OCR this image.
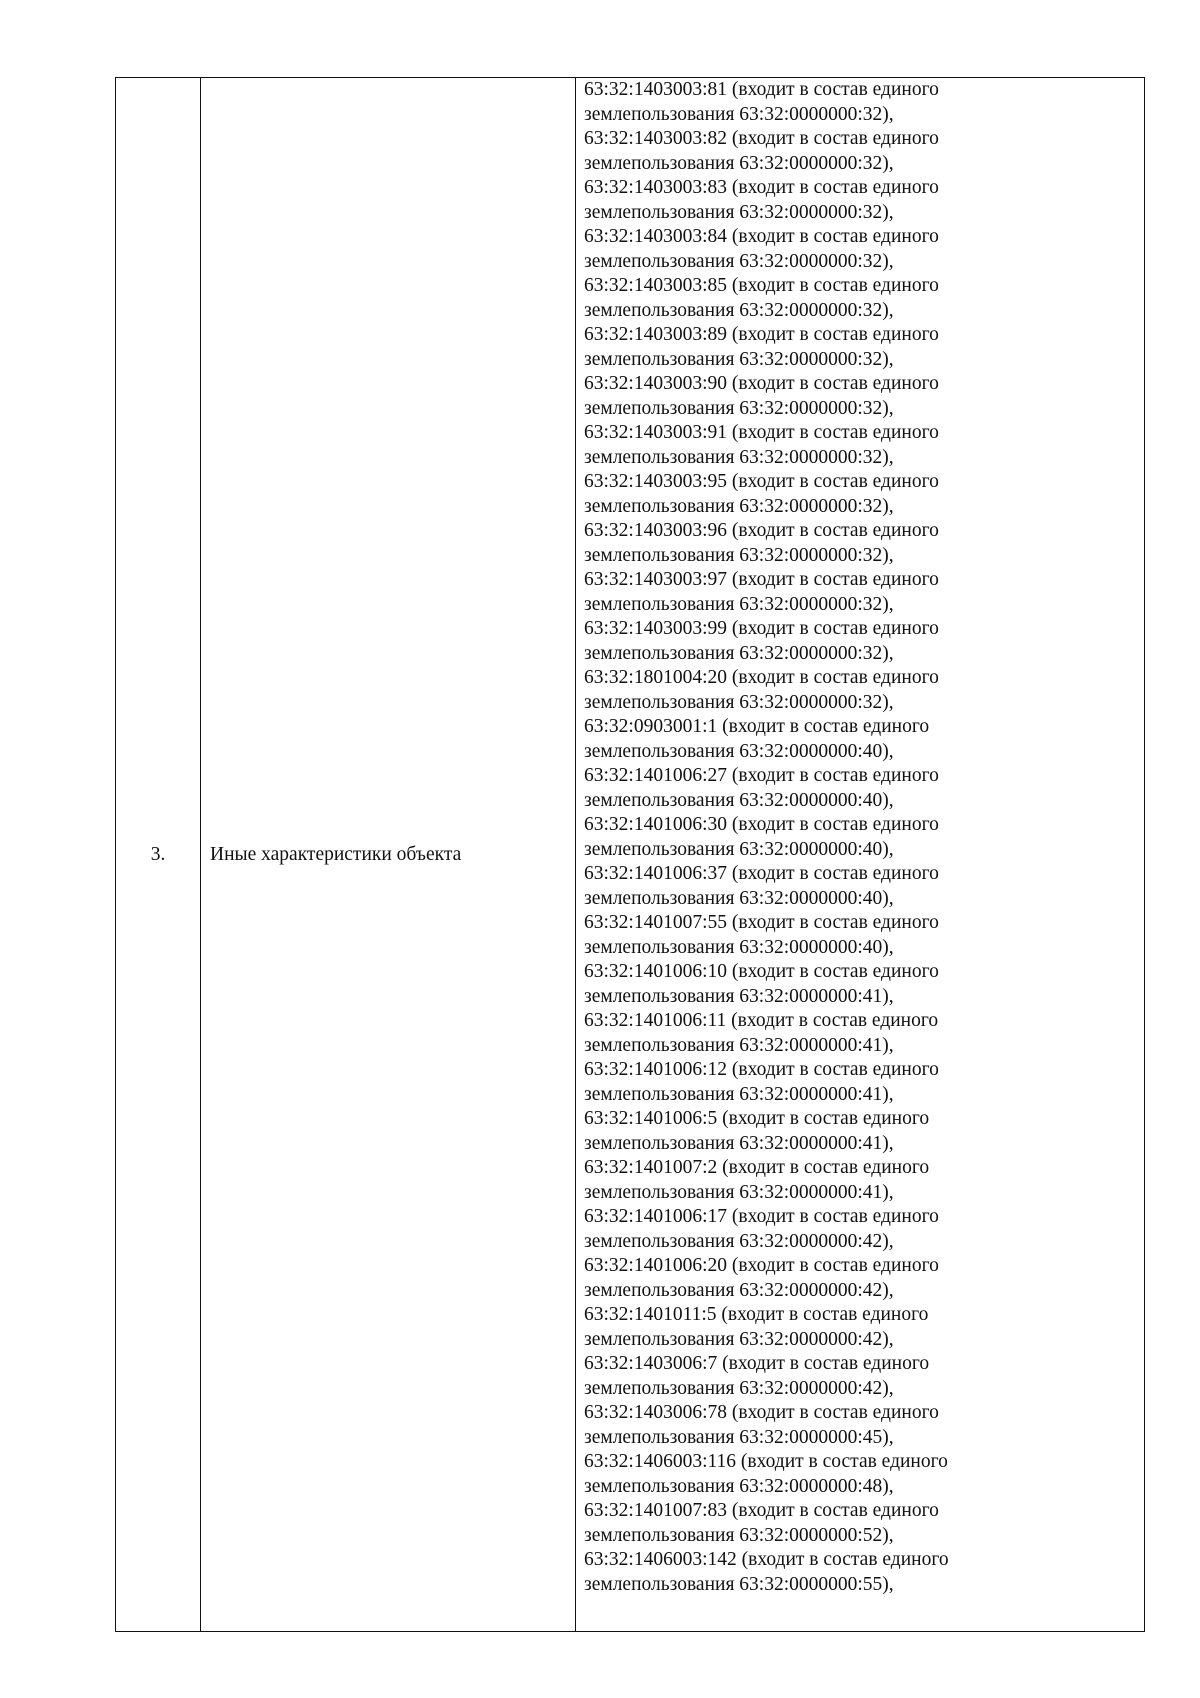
3.	Иные характеристики объекта
63:32:1403003:81 (входит в состав единого
землепользования 63:32:0000000:32),
63:32:1403003:82 (входит в состав единого
землепользования 63:32:0000000:32),
63:32:1403003:83 (входит в состав единого
землепользования 63:32:0000000:32),
63:32:1403003:84 (входит в состав единого
землепользования 63:32:0000000:32),
63:32:1403003:85 (входит в состав единого
землепользования 63:32:0000000:32),
63:32:1403003:89 (входит в состав единого
землепользования 63:32:0000000:32),
63:32:1403003:90 (входит в состав единого
землепользования 63:32:0000000:32),
63:32:1403003:91 (входит в состав единого
землепользования 63:32:0000000:32),
63:32:1403003:95 (входит в состав единого
землепользования 63:32:0000000:32),
63:32:1403003:96 (входит в состав единого
землепользования 63:32:0000000:32),
63:32:1403003:97 (входит в состав единого
землепользования 63:32:0000000:32),
63:32:1403003:99 (входит в состав единого
землепользования 63:32:0000000:32),
63:32:1801004:20 (входит в состав единого
землепользования 63:32:0000000:32),
63:32:0903001:1 (входит в состав единого
землепользования 63:32:0000000:40),
63:32:1401006:27 (входит в состав единого
землепользования 63:32:0000000:40),
63:32:1401006:30 (входит в состав единого
землепользования 63:32:0000000:40),
63:32:1401006:37 (входит в состав единого
землепользования 63:32:0000000:40),
63:32:1401007:55 (входит в состав единого
землепользования 63:32:0000000:40),
63:32:1401006:10 (входит в состав единого
землепользования 63:32:0000000:41),
63:32:1401006:11 (входит в состав единого
землепользования 63:32:0000000:41),
63:32:1401006:12 (входит в состав единого
землепользования 63:32:0000000:41),
63:32:1401006:5 (входит в состав единого
землепользования 63:32:0000000:41),
63:32:1401007:2 (входит в состав единого
землепользования 63:32:0000000:41),
63:32:1401006:17 (входит в состав единого
землепользования 63:32:0000000:42),
63:32:1401006:20 (входит в состав единого
землепользования 63:32:0000000:42),
63:32:1401011:5 (входит в состав единого
землепользования 63:32:0000000:42),
63:32:1403006:7 (входит в состав единого
землепользования 63:32:0000000:42),
63:32:1403006:78 (входит в состав единого
землепользования 63:32:0000000:45),
63:32:1406003:116 (входит в состав единого
землепользования 63:32:0000000:48),
63:32:1401007:83 (входит в состав единого
землепользования 63:32:0000000:52),
63:32:1406003:142 (входит в состав единого
землепользования 63:32:0000000:55),
